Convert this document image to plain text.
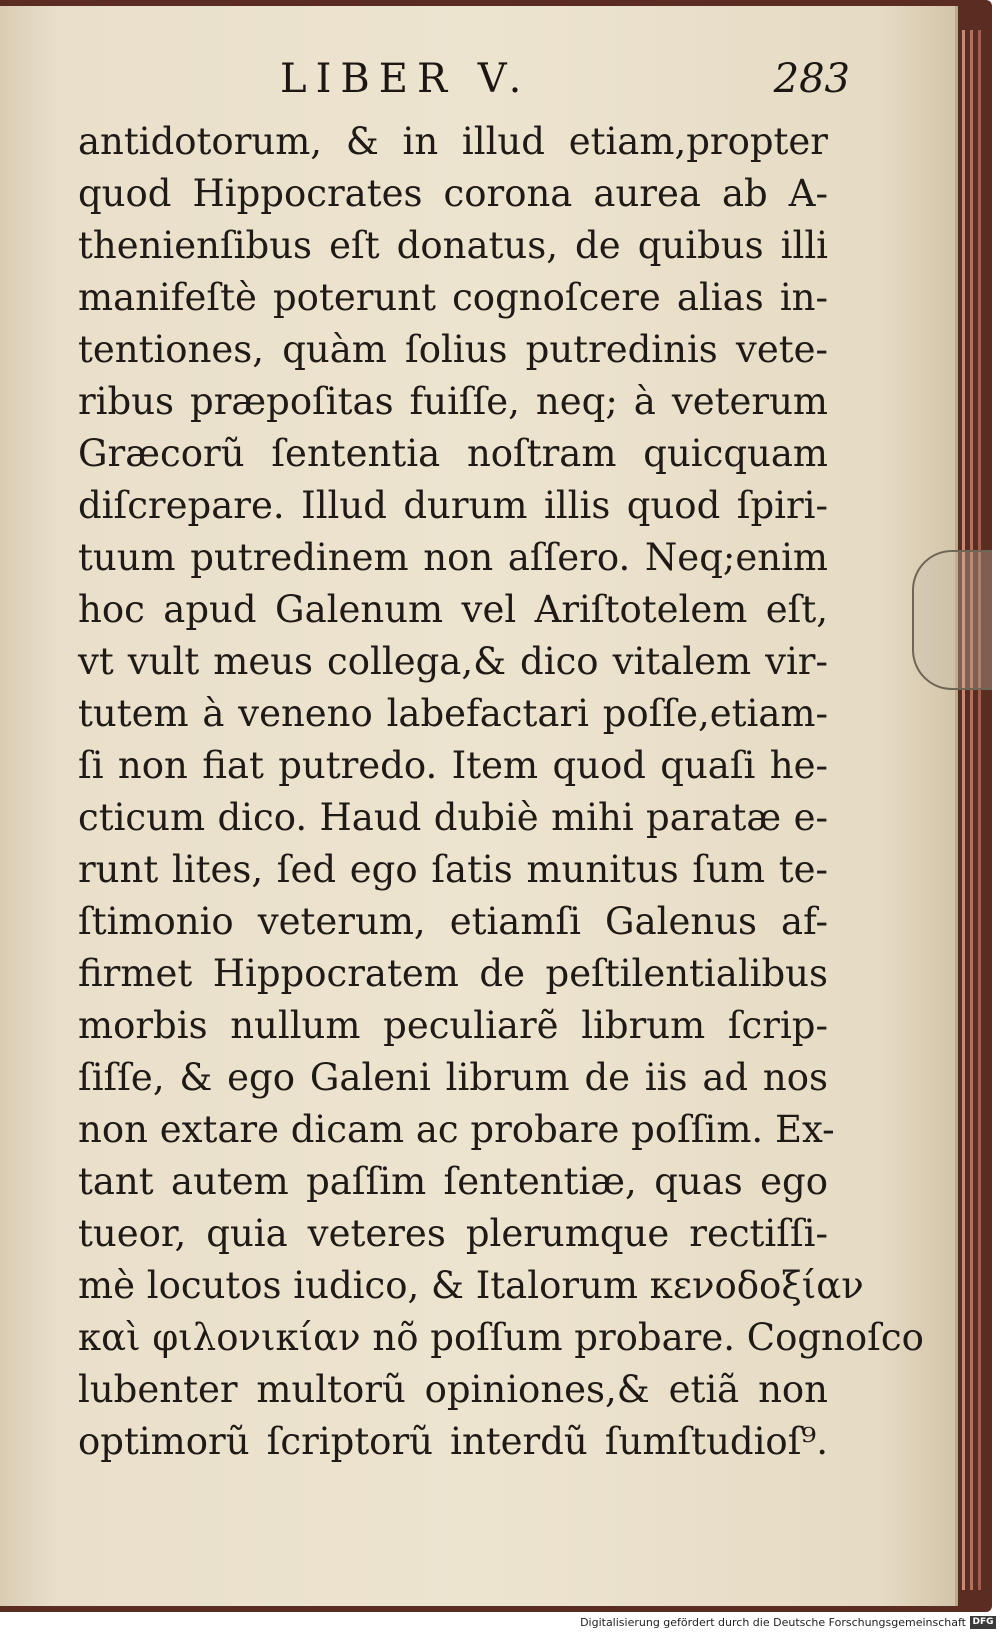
LIBER V.	283
antidotorum, & in illud etiam,propter
quod Hippocrates corona aurea ab A-
thenienſibus eſt donatus, de quibus illi
manifeſtè poterunt cognoſcere alias in-
tentiones, quàm ſolius putredinis vete-
ribus præpoſitas fuiſſe, neq; à veterum
Græcorũ ſententia noſtram quicquam
diſcrepare. Illud durum illis quod ſpiri-
tuum putredinem non aſſero. Neq;enim
hoc apud Galenum vel Ariſtotelem eſt,
vt vult meus collega,& dico vitalem vir-
tutem à veneno labefactari poſſe,etiam-
ſi non fiat putredo. Item quod quaſi he-
cticum dico. Haud dubiè mihi paratæ e-
runt lites, ſed ego ſatis munitus ſum te-
ſtimonio veterum, etiamſi Galenus af-
firmet Hippocratem de peſtilentialibus
morbis nullum peculiarẽ librum ſcrip-
ſiſſe, & ego Galeni librum de iis ad nos
non extare dicam ac probare poſſim. Ex-
tant autem paſſim ſententiæ, quas ego
tueor, quia veteres plerumque rectiſſi-
mè locutos iudico, & Italorum κενοδοξίαν
καὶ φιλονικίαν nõ poſſum probare. Cognoſco
lubenter multorũ opiniones,& etiã non
optimorũ ſcriptorũ interdũ ſumſtudioſ⁹.
Digitalisierung gefördert durch die Deutsche Forschungsgemeinschaft DFG
